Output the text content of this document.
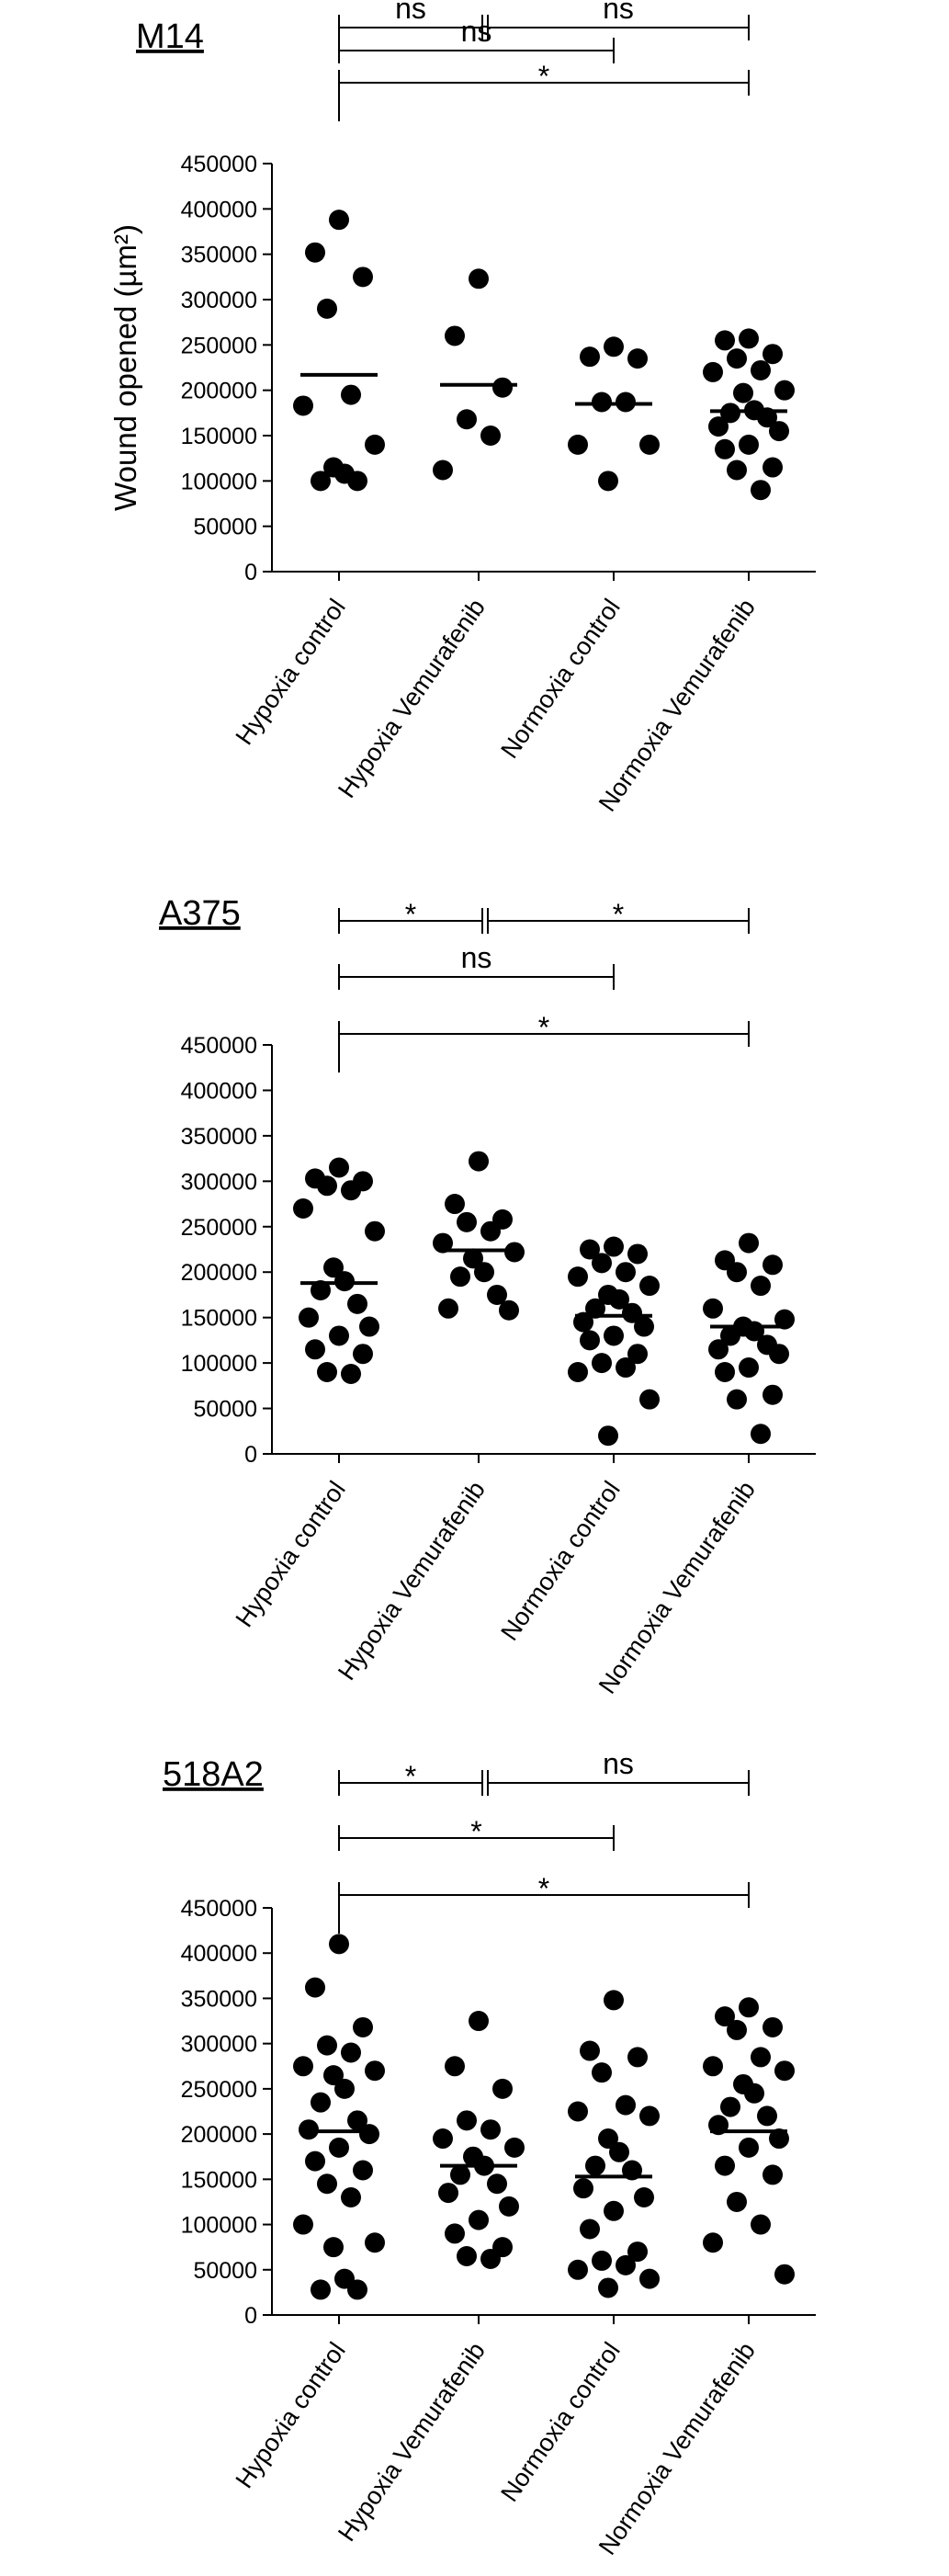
M14
Wound opened (µm²)
0
50000
100000
150000
200000
250000
300000
350000
400000
450000
Hypoxia control
Hypoxia Vemurafenib Normoxia control
Normoxia Vemurafenib
ns	ns
ns
*
A375
0
50000
100000
150000
200000
250000
300000
350000
400000
450000
Hypoxia control
Hypoxia Vemurafenib Normoxia control
Normoxia Vemurafenib
*	*
ns
*
518A2
0
50000
100000
150000
200000
250000
300000
350000
400000
450000
Hypoxia control
Hypoxia Vemurafenib Normoxia control
Normoxia Vemurafenib
*	ns
*
*
